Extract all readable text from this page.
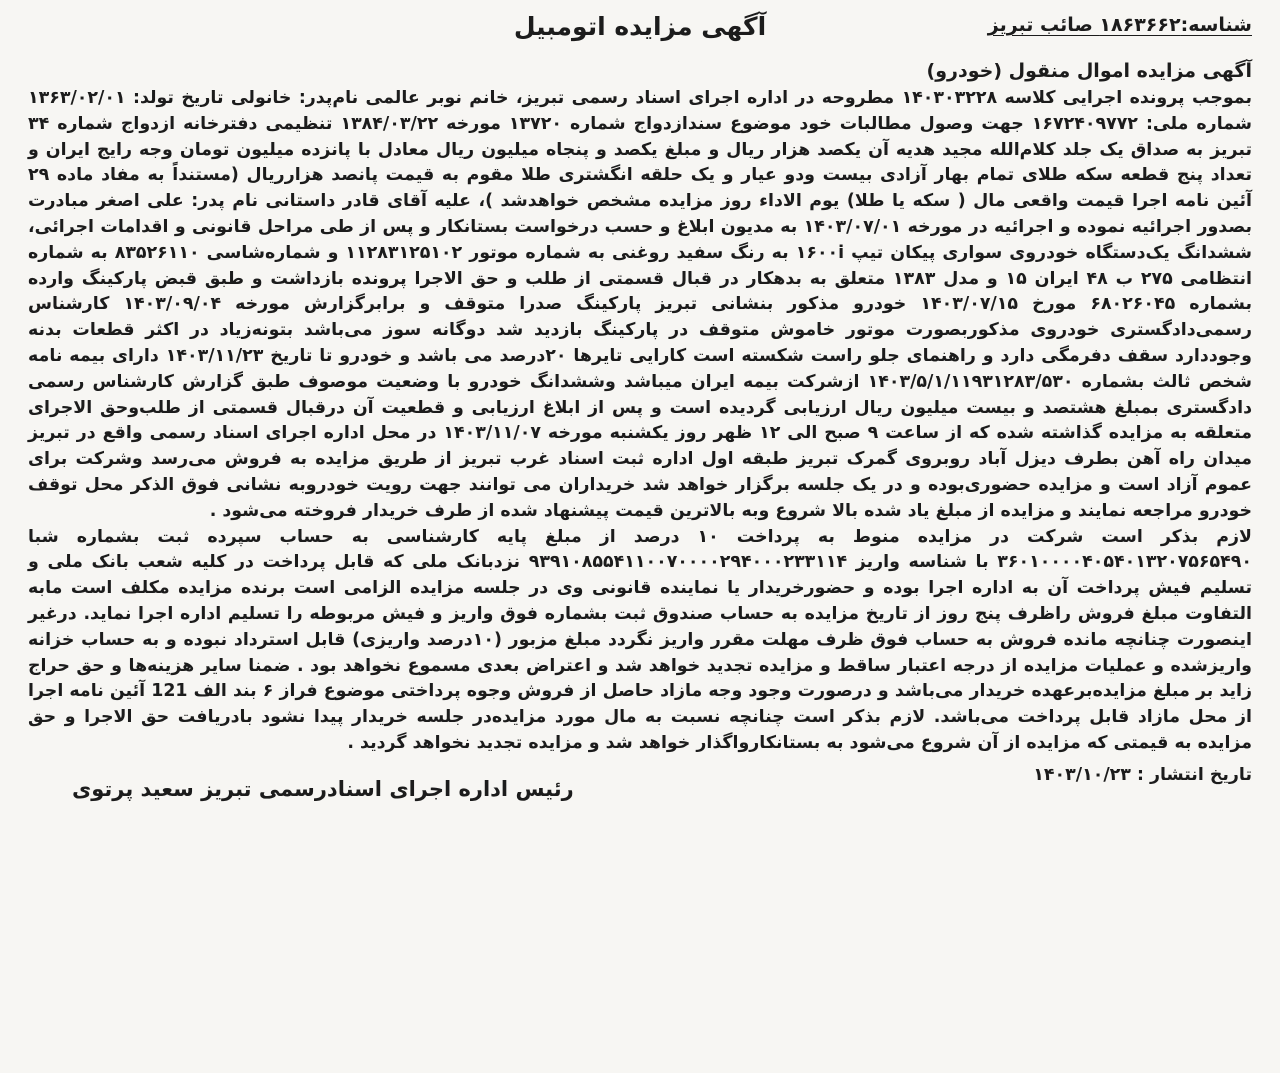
آگهی مزایده اتومبیل	شناسه:۱۸۶۳۶۶۲ صائب تبریز
آگهی مزایده اموال منقول (خودرو)

بموجب پرونده اجرایی کلاسه ۱۴۰۳۰۳۲۲۸ مطروحه در اداره اجرای اسناد رسمی تبریز، خانم نوبر عالمی نام‌پدر: خانولی تاریخ تولد: ۱۳۶۳/۰۲/۰۱ شماره ملی: ۱۶۷۲۴۰۹۷۷۲ جهت وصول مطالبات خود موضوع سندازدواج شماره ۱۳۷۲۰ مورخه ۱۳۸۴/۰۳/۲۲ تنظیمی دفترخانه ازدواج شماره ۳۴ تبریز به صداق یک جلد کلام‌الله مجید هدیه آن یکصد هزار ریال و مبلغ یکصد و پنجاه میلیون ریال معادل با پانزده میلیون تومان وجه رایج ایران و تعداد پنج قطعه سکه طلای تمام بهار آزادی بیست ودو عیار و یک حلقه انگشتری طلا مقوم به قیمت پانصد هزارریال (مستنداً به مفاد ماده ۲۹ آئین نامه اجرا قیمت واقعی مال ( سکه یا طلا) یوم الاداء روز مزایده مشخص خواهدشد )، علیه آقای قادر داستانی نام پدر: علی اصغر مبادرت بصدور اجرائیه نموده و اجرائیه در مورخه ۱۴۰۳/۰۷/۰۱ به مدیون ابلاغ و حسب درخواست بستانکار و پس از طی مراحل قانونی و اقدامات اجرائی، ششدانگ یک‌دستگاه خودروی سواری پیکان تیپ ۱۶۰۰i به رنگ سفید روغنی به شماره موتور ۱۱۲۸۳۱۲۵۱۰۲ و شماره‌شاسی ۸۳۵۲۶۱۱۰ به شماره انتظامی ۲۷۵ ب ۴۸ ایران ۱۵ و مدل ۱۳۸۳ متعلق به بدهکار در قبال قسمتی از طلب و حق الاجرا پرونده بازداشت و طبق قبض پارکینگ وارده بشماره ۶۸۰۲۶۰۴۵ مورخ ۱۴۰۳/۰۷/۱۵ خودرو مذکور بنشانی تبریز پارکینگ صدرا متوقف و برابرگزارش مورخه ۱۴۰۳/۰۹/۰۴ کارشناس رسمی‌دادگستری خودروی مذکوربصورت موتور خاموش متوقف در پارکینگ بازدید شد دوگانه سوز می‌باشد بتونه‌زیاد در اکثر قطعات بدنه وجوددارد سقف دفرمگی دارد و راهنمای جلو راست شکسته است کارایی تایرها ۲۰درصد می باشد و خودرو تا تاریخ ۱۴۰۳/۱۱/۲۳ دارای بیمه نامه شخص ثالث بشماره ۱۴۰۳/۵/۱/۱۱۹۳۱۲۸۳/۵۳۰ ازشرکت بیمه ایران میباشد وششدانگ خودرو با وضعیت موصوف طبق گزارش کارشناس رسمی دادگستری بمبلغ هشتصد و بیست میلیون ریال ارزیابی گردیده است و پس از ابلاغ ارزیابی و قطعیت آن درقبال قسمتی از طلب‌وحق الاجرای متعلقه به مزایده گذاشته شده که از ساعت ۹ صبح الی ۱۲ ظهر روز یکشنبه مورخه ۱۴۰۳/۱۱/۰۷ در محل اداره اجرای اسناد رسمی واقع در تبریز میدان راه آهن بطرف دیزل آباد روبروی گمرک تبریز طبقه اول اداره ثبت اسناد غرب تبریز از طریق مزایده به فروش می‌رسد وشرکت برای عموم آزاد است و مزایده حضوری‌بوده و در یک جلسه برگزار خواهد شد خریداران می توانند جهت رویت خودروبه نشانی فوق الذکر محل توقف خودرو مراجعه نمایند و مزایده از مبلغ یاد شده بالا شروع وبه بالاترین قیمت پیشنهاد شده از طرف خریدار فروخته می‌شود .

لازم بذکر است شرکت در مزایده منوط به پرداخت ۱۰ درصد از مبلغ پایه کارشناسی به حساب سپرده ثبت بشماره شبا ۳۶۰۱۰۰۰۰۴۰۵۴۰۱۳۲۰۷۵۶۵۴۹۰ با شناسه واریز ۹۳۹۱۰۸۵۵۴۱۱۰۰۷۰۰۰۰۲۹۴۰۰۰۲۳۳۱۱۴ نزدبانک ملی که قابل پرداخت در کلیه شعب بانک ملی و تسلیم فیش پرداخت آن به اداره اجرا بوده و حضورخریدار یا نماینده قانونی وی در جلسه مزایده الزامی است برنده مزایده مکلف است مابه التفاوت مبلغ فروش راظرف پنج روز از تاریخ مزایده به حساب صندوق ثبت بشماره فوق واریز و فیش مربوطه را تسلیم اداره اجرا نماید. درغیر اینصورت چنانچه مانده فروش به حساب فوق ظرف مهلت مقرر واریز نگردد مبلغ مزبور (۱۰درصد واریزی) قابل استرداد نبوده و به حساب خزانه واریزشده و عملیات مزایده از درجه اعتبار ساقط و مزایده تجدید خواهد شد و اعتراض بعدی مسموع نخواهد بود . ضمنا سایر هزینه‌ها و حق حراج زاید بر مبلغ مزایده‌برعهده خریدار می‌باشد و درصورت وجود وجه مازاد حاصل از فروش وجوه پرداختی موضوع فراز ۶ بند الف 121 آئین نامه اجرا از محل مازاد قابل پرداخت می‌باشد. لازم بذکر است چنانچه نسبت به مال مورد مزایده‌در جلسه خریدار پیدا نشود بادریافت حق الاجرا و حق مزایده به قیمتی که مزایده از آن شروع می‌شود به بستانکارواگذار خواهد شد و مزایده تجدید نخواهد گردید .

تاریخ انتشار : ۱۴۰۳/۱۰/۲۳
رئیس اداره اجرای اسنادرسمی تبریز سعید پرتوی
